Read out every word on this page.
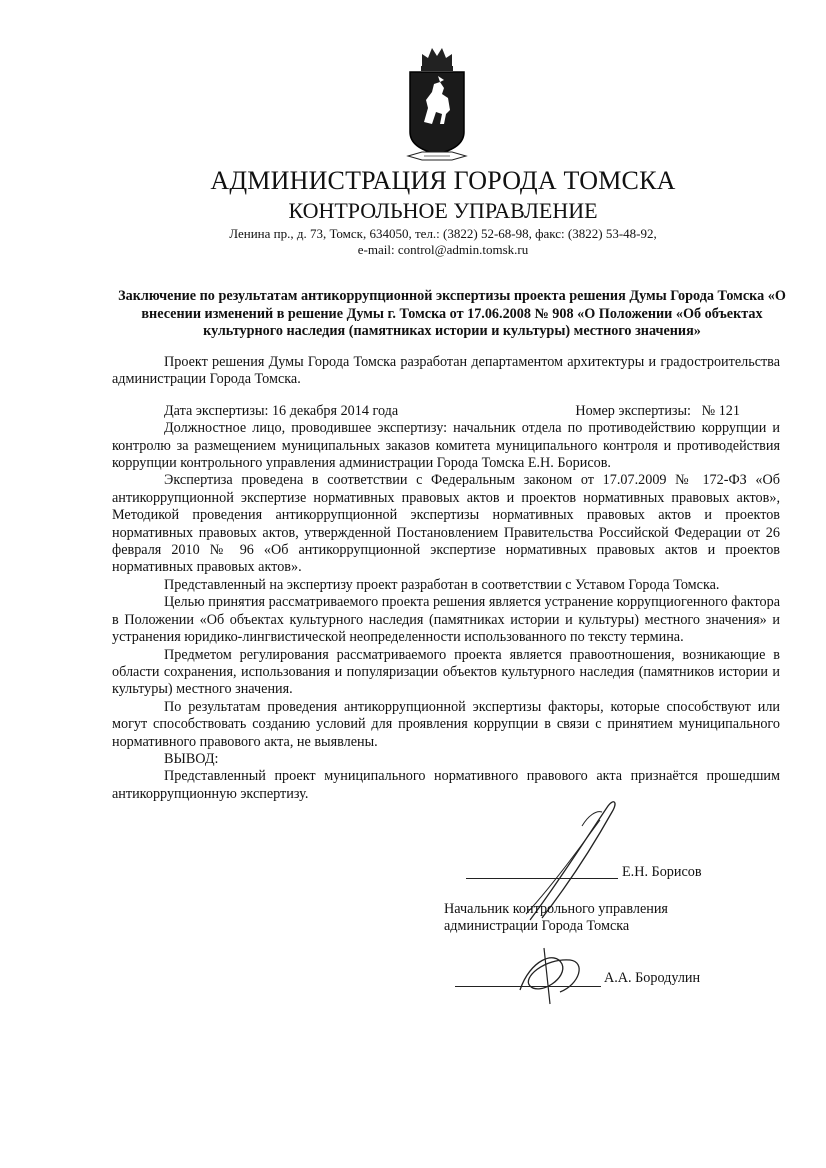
АДМИНИСТРАЦИЯ ГОРОДА ТОМСКА
КОНТРОЛЬНОЕ УПРАВЛЕНИЕ
Ленина пр., д. 73, Томск, 634050, тел.: (3822) 52-68-98, факс: (3822) 53-48-92,
e-mail: control@admin.tomsk.ru
Заключение по результатам антикоррупционной экспертизы проекта решения Думы Города Томска «О внесении изменений в решение Думы г. Томска от 17.06.2008 № 908 «О Положении «Об объектах культурного наследия (памятниках истории и культуры) местного значения»

Проект решения Думы Города Томска разработан департаментом архитектуры и градостроительства администрации Города Томска.

Дата экспертизы: 16 декабря 2014 года	Номер экспертизы:   № 121

Должностное лицо, проводившее экспертизу: начальник отдела по противодействию коррупции и контролю за размещением муниципальных заказов комитета муниципального контроля и противодействия коррупции контрольного управления администрации Города Томска Е.Н. Борисов.

Экспертиза проведена в соответствии с Федеральным законом от 17.07.2009 № 172-ФЗ «Об антикоррупционной экспертизе нормативных правовых актов и проектов нормативных правовых актов», Методикой проведения антикоррупционной экспертизы нормативных правовых актов и проектов нормативных правовых актов, утвержденной Постановлением Правительства Российской Федерации от 26 февраля 2010 № 96 «Об антикоррупционной экспертизе нормативных правовых актов и проектов нормативных правовых актов».

Представленный на экспертизу проект разработан в соответствии с Уставом Города Томска.

Целью принятия рассматриваемого проекта решения является устранение коррупциогенного фактора в Положении «Об объектах культурного наследия (памятниках истории и культуры) местного значения» и устранения юридико-лингвистической неопределенности использованного по тексту термина.

Предметом регулирования рассматриваемого проекта является правоотношения, возникающие в области сохранения, использования и популяризации объектов культурного наследия (памятников истории и культуры) местного значения.

По результатам проведения антикоррупционной экспертизы факторы, которые способствуют или могут способствовать созданию условий для проявления коррупции в связи с принятием муниципального нормативного правового акта, не выявлены.

ВЫВОД:

Представленный проект муниципального нормативного правового акта признаётся прошедшим антикоррупционную экспертизу.

Е.Н. Борисов
Начальник контрольного управления
администрации Города Томска
А.А. Бородулин
